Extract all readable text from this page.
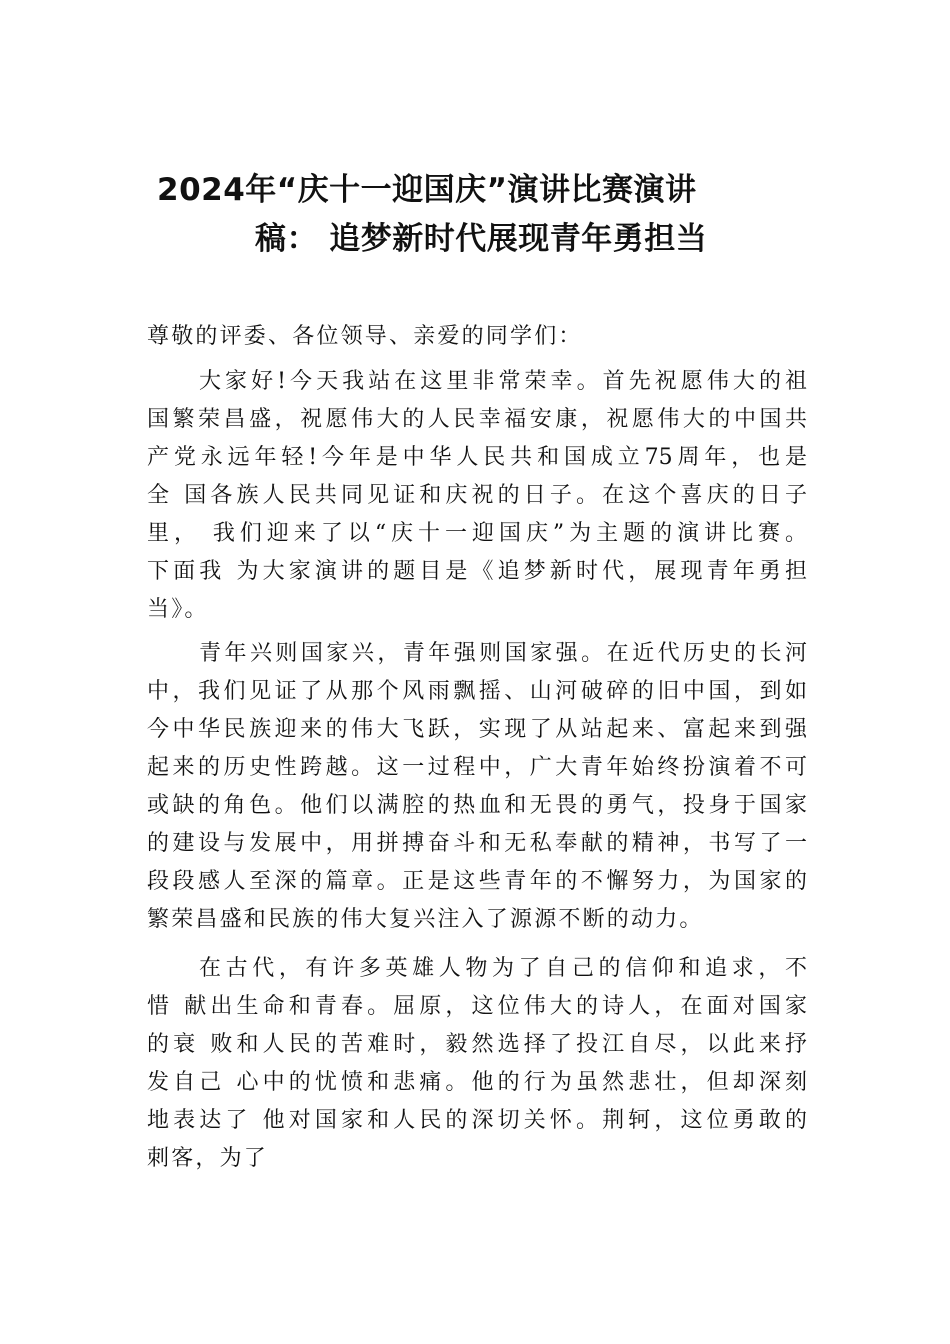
2024年“庆十一迎国庆”演讲比赛演讲
稿： 追梦新时代展现青年勇担当

尊敬的评委、各位领导、亲爱的同学们：

大家好!今天我站在这里非常荣幸。首先祝愿伟大的祖

国繁荣昌盛，祝愿伟大的人民幸福安康，祝愿伟大的中国共

产党永远年轻!今年是中华人民共和国成立75周年，也是

全 国各族人民共同见证和庆祝的日子。在这个喜庆的日子

里， 我们迎来了以“庆十一迎国庆”为主题的演讲比赛。

下面我 为大家演讲的题目是《追梦新时代，展现青年勇担

当》。

青年兴则国家兴，青年强则国家强。在近代历史的长河

中，我们见证了从那个风雨飘摇、山河破碎的旧中国，到如

今中华民族迎来的伟大飞跃，实现了从站起来、富起来到强

起来的历史性跨越。这一过程中，广大青年始终扮演着不可

或缺的角色。他们以满腔的热血和无畏的勇气，投身于国家

的建设与发展中，用拼搏奋斗和无私奉献的精神，书写了一

段段感人至深的篇章。正是这些青年的不懈努力，为国家的

繁荣昌盛和民族的伟大复兴注入了源源不断的动力。

在古代，有许多英雄人物为了自己的信仰和追求，不

惜 献出生命和青春。屈原，这位伟大的诗人，在面对国家

的衰 败和人民的苦难时，毅然选择了投江自尽，以此来抒

发自己 心中的忧愤和悲痛。他的行为虽然悲壮，但却深刻

地表达了 他对国家和人民的深切关怀。荆轲，这位勇敢的

刺客，为了
